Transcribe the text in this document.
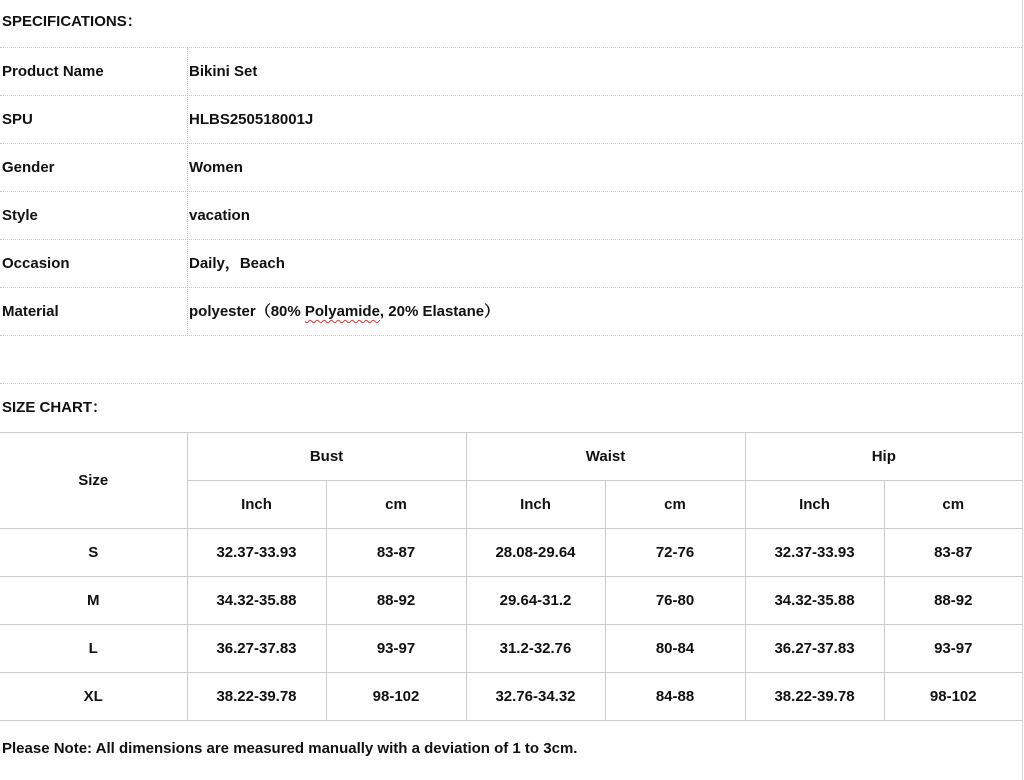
SPECIFICATIONS：
Product Name	Bikini Set
SPU	HLBS250518001J
Gender	Women
Style	vacation
Occasion	Daily，Beach
Material	polyester（80% Polyamide, 20% Elastane）
SIZE CHART：
Size	Bust		Waist		Hip	
	Inch	cm	Inch	cm	Inch	cm
S	32.37-33.93	83-87	28.08-29.64	72-76	32.37-33.93	83-87
M	34.32-35.88	88-92	29.64-31.2	76-80	34.32-35.88	88-92
L	36.27-37.83	93-97	31.2-32.76	80-84	36.27-37.83	93-97
XL	38.22-39.78	98-102	32.76-34.32	84-88	38.22-39.78	98-102
Please Note: All dimensions are measured manually with a deviation of 1 to 3cm.
